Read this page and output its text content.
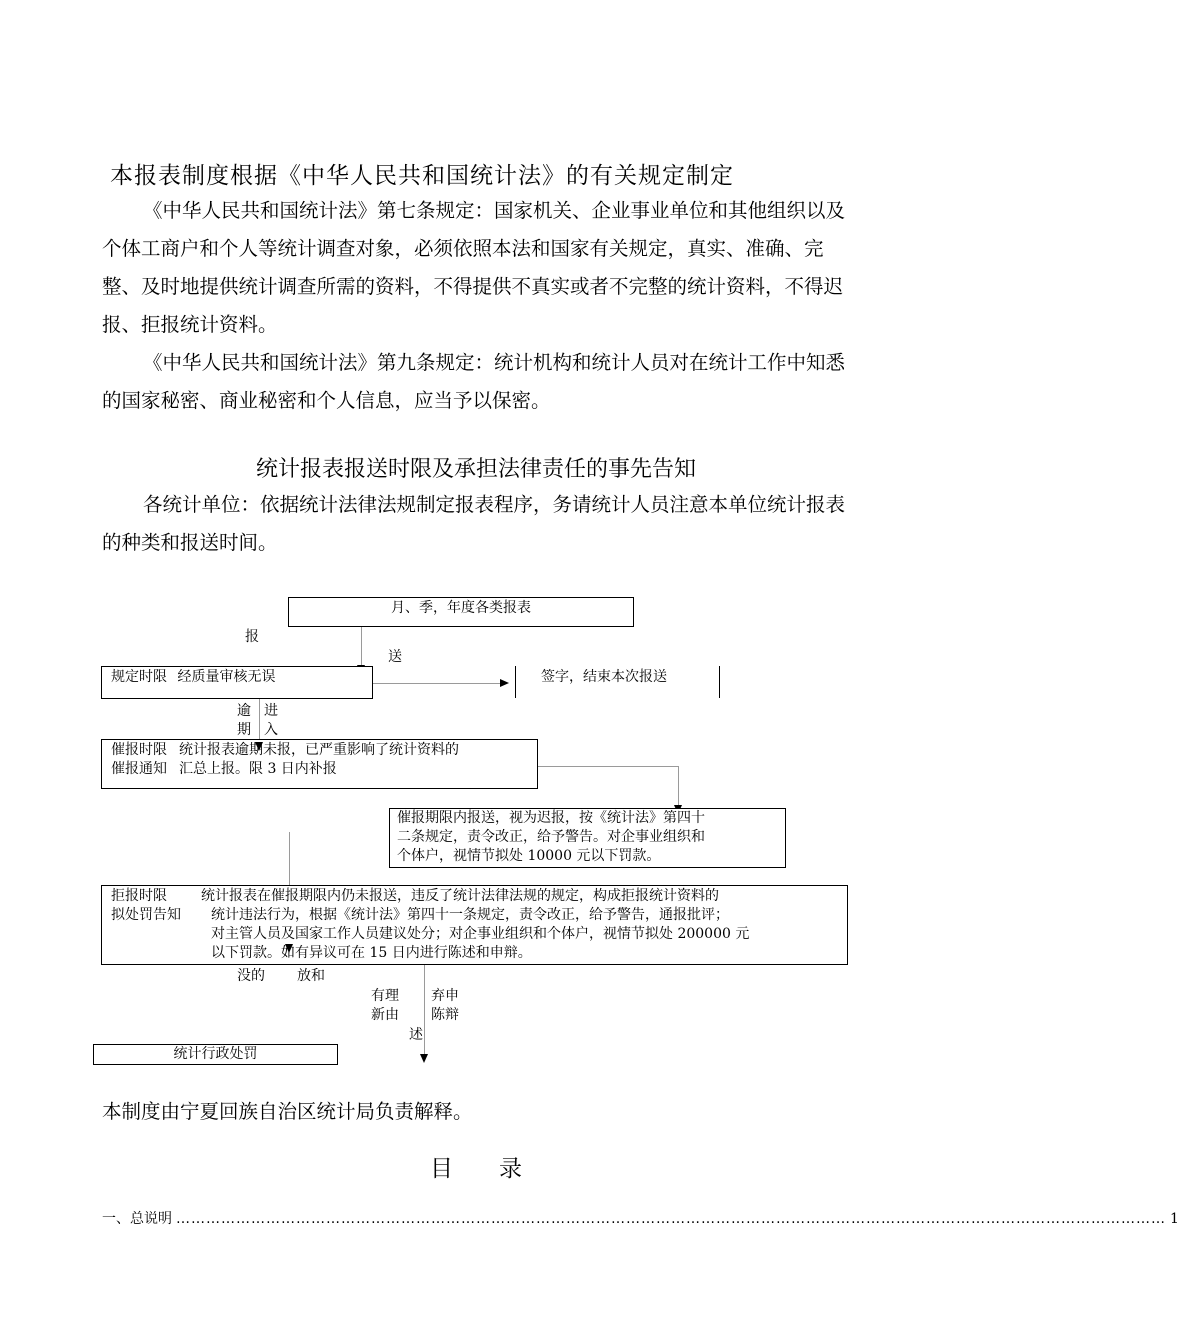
本报表制度根据《中华人民共和国统计法》的有关规定制定
《中华人民共和国统计法》第七条规定：国家机关、企业事业单位和其他组织以及个体工商户和个人等统计调查对象，必须依照本法和国家有关规定，真实、准确、完整、及时地提供统计调查所需的资料，不得提供不真实或者不完整的统计资料，不得迟报、拒报统计资料。
《中华人民共和国统计法》第九条规定：统计机构和统计人员对在统计工作中知悉的国家秘密、商业秘密和个人信息，应当予以保密。
统计报表报送时限及承担法律责任的事先告知
各统计单位：依据统计法律法规制定报表程序，务请统计人员注意本单位统计报表的种类和报送时间。
月、季，年度各类报表
报
送
规定时限 经质量审核无误	签字，结束本次报送
逾
期
进
入
催报时限 统计报表逾期未报，已严重影响了统计资料的
催报通知 汇总上报。限 3 日内补报
催报期限内报送，视为迟报，按《统计法》第四十
二条规定，责令改正，给予警告。对企事业组织和
个体户，视情节拟处 10000 元以下罚款。
拒报时限 统计报表在催报期限内仍未报送，违反了统计法律法规的规定，构成拒报统计资料的
拟处罚告知 统计违法行为，根据《统计法》第四十一条规定，责令改正，给予警告，通报批评；
对主管人员及国家工作人员建议处分；对企事业组织和个体户，视情节拟处 200000 元
以下罚款。如有异议可在 15 日内进行陈述和申辩。
没的 放和
有理
新由
弃申
陈辩
述
统计行政处罚
本制度由宁夏回族自治区统计局负责解释。
目　　录
一、总说明 ……………………………………………………………………………………………………………………………………………………………………………… 1
